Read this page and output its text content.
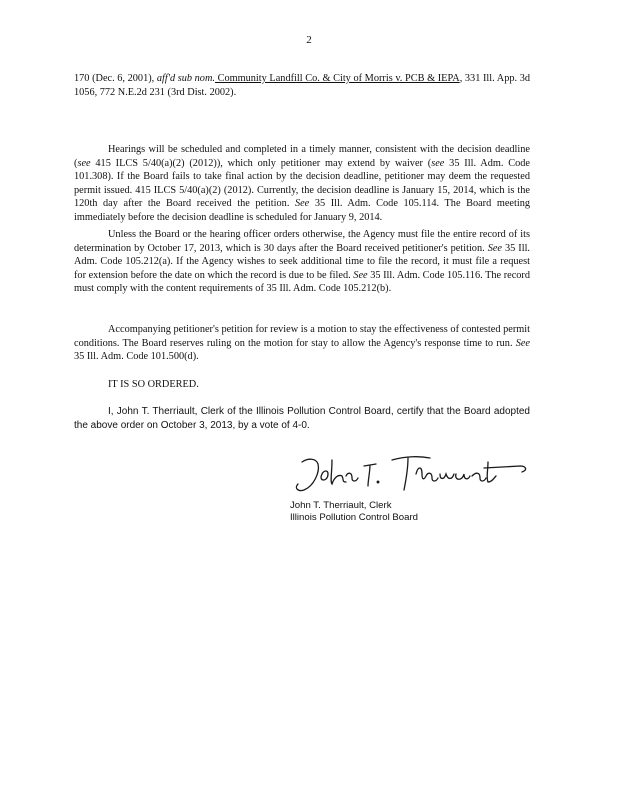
2

170 (Dec. 6, 2001), aff'd sub nom. Community Landfill Co. & City of Morris v. PCB & IEPA, 331 Ill. App. 3d 1056, 772 N.E.2d 231 (3rd Dist. 2002).

Hearings will be scheduled and completed in a timely manner, consistent with the decision deadline (see 415 ILCS 5/40(a)(2) (2012)), which only petitioner may extend by waiver (see 35 Ill. Adm. Code 101.308). If the Board fails to take final action by the decision deadline, petitioner may deem the requested permit issued. 415 ILCS 5/40(a)(2) (2012). Currently, the decision deadline is January 15, 2014, which is the 120th day after the Board received the petition. See 35 Ill. Adm. Code 105.114. The Board meeting immediately before the decision deadline is scheduled for January 9, 2014.

Unless the Board or the hearing officer orders otherwise, the Agency must file the entire record of its determination by October 17, 2013, which is 30 days after the Board received petitioner's petition. See 35 Ill. Adm. Code 105.212(a). If the Agency wishes to seek additional time to file the record, it must file a request for extension before the date on which the record is due to be filed. See 35 Ill. Adm. Code 105.116. The record must comply with the content requirements of 35 Ill. Adm. Code 105.212(b).

Accompanying petitioner's petition for review is a motion to stay the effectiveness of contested permit conditions. The Board reserves ruling on the motion for stay to allow the Agency's response time to run. See 35 Ill. Adm. Code 101.500(d).

IT IS SO ORDERED.

I, John T. Therriault, Clerk of the Illinois Pollution Control Board, certify that the Board adopted the above order on October 3, 2013, by a vote of 4-0.

John T. Therriault, Clerk
Illinois Pollution Control Board
